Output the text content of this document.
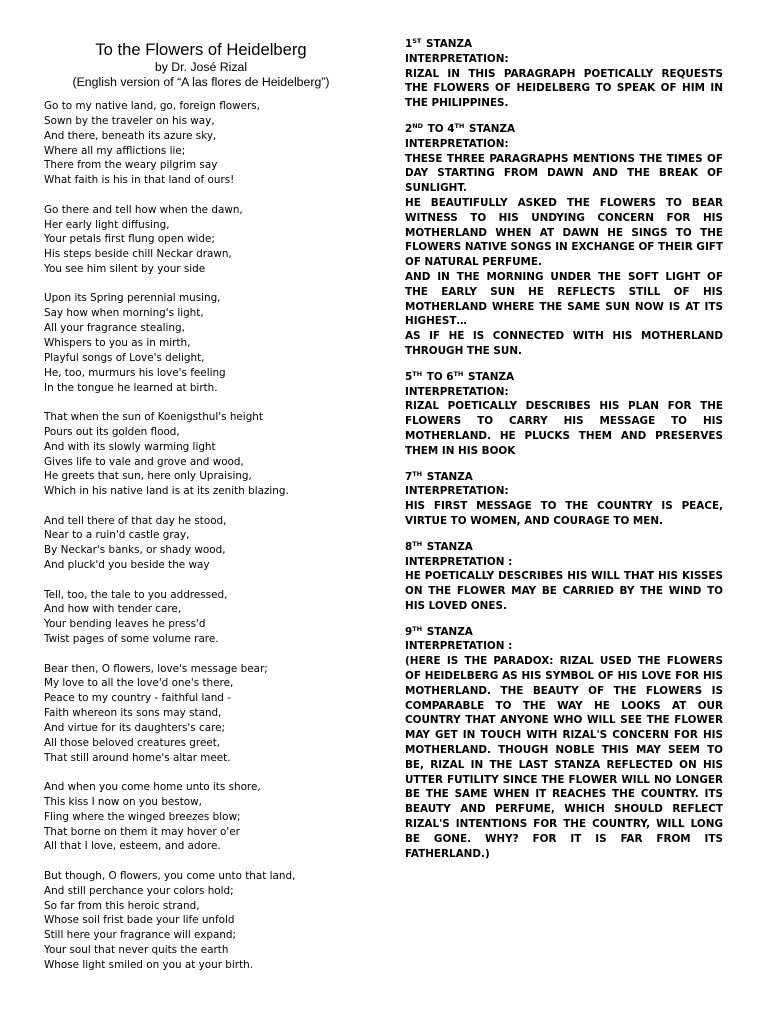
To the Flowers of Heidelberg
by Dr. José Rizal
(English version of “A las flores de Heidelberg”)
Go to my native land, go, foreign flowers,
Sown by the traveler on his way,
And there, beneath its azure sky,
Where all my afflictions lie;
There from the weary pilgrim say
What faith is his in that land of ours!
Go there and tell how when the dawn,
Her early light diffusing,
Your petals first flung open wide;
His steps beside chill Neckar drawn,
You see him silent by your side
Upon its Spring perennial musing,
Say how when morning's light,
All your fragrance stealing,
Whispers to you as in mirth,
Playful songs of Love's delight,
He, too, murmurs his love's feeling
In the tongue he learned at birth.
That when the sun of Koenigsthul's height
Pours out its golden flood,
And with its slowly warming light
Gives life to vale and grove and wood,
He greets that sun, here only Upraising,
Which in his native land is at its zenith blazing.
And tell there of that day he stood,
Near to a ruin'd castle gray,
By Neckar's banks, or shady wood,
And pluck'd you beside the way
Tell, too, the tale to you addressed,
And how with tender care,
Your bending leaves he press'd
Twist pages of some volume rare.
Bear then, O flowers, love's message bear;
My love to all the love'd one's there,
Peace to my country - faithful land -
Faith whereon its sons may stand,
And virtue for its daughters's care;
All those beloved creatures greet,
That still around home's altar meet.
And when you come home unto its shore,
This kiss I now on you bestow,
Fling where the winged breezes blow;
That borne on them it may hover o'er
All that I love, esteem, and adore.
But though, O flowers, you come unto that land,
And still perchance your colors hold;
So far from this heroic strand,
Whose soil frist bade your life unfold
Still here your fragrance will expand;
Your soul that never quits the earth
Whose light smiled on you at your birth.
1ST STANZA
INTERPRETATION:

RIZAL IN THIS PARAGRAPH POETICALLY REQUESTS THE FLOWERS OF HEIDELBERG TO SPEAK OF HIM IN THE PHILIPPINES.

2ND TO 4TH STANZA
INTERPRETATION:

THESE THREE PARAGRAPHS MENTIONS THE TIMES OF DAY STARTING FROM DAWN AND THE BREAK OF SUNLIGHT.

HE BEAUTIFULLY ASKED THE FLOWERS TO BEAR WITNESS TO HIS UNDYING CONCERN FOR HIS MOTHERLAND WHEN AT DAWN HE SINGS TO THE FLOWERS NATIVE SONGS IN EXCHANGE OF THEIR GIFT OF NATURAL PERFUME.

AND IN THE MORNING UNDER THE SOFT LIGHT OF THE EARLY SUN HE REFLECTS STILL OF HIS MOTHERLAND WHERE THE SAME SUN NOW IS AT ITS HIGHEST…

AS IF HE IS CONNECTED WITH HIS MOTHERLAND THROUGH THE SUN.

5TH TO 6TH STANZA
INTERPRETATION:

RIZAL POETICALLY DESCRIBES HIS PLAN FOR THE FLOWERS TO CARRY HIS MESSAGE TO HIS MOTHERLAND. HE PLUCKS THEM AND PRESERVES THEM IN HIS BOOK

7TH STANZA
INTERPRETATION:

HIS FIRST MESSAGE TO THE COUNTRY IS PEACE, VIRTUE TO WOMEN, AND COURAGE TO MEN.

8TH STANZA
INTERPRETATION :

HE POETICALLY DESCRIBES HIS WILL THAT HIS KISSES ON THE FLOWER MAY BE CARRIED BY THE WIND TO HIS LOVED ONES.

9TH STANZA
INTERPRETATION :

(HERE IS THE PARADOX: RIZAL USED THE FLOWERS OF HEIDELBERG AS HIS SYMBOL OF HIS LOVE FOR HIS MOTHERLAND. THE BEAUTY OF THE FLOWERS IS COMPARABLE TO THE WAY HE LOOKS AT OUR COUNTRY THAT ANYONE WHO WILL SEE THE FLOWER MAY GET IN TOUCH WITH RIZAL'S CONCERN FOR HIS MOTHERLAND. THOUGH NOBLE THIS MAY SEEM TO BE, RIZAL IN THE LAST STANZA REFLECTED ON HIS UTTER FUTILITY SINCE THE FLOWER WILL NO LONGER BE THE SAME WHEN IT REACHES THE COUNTRY. ITS BEAUTY AND PERFUME, WHICH SHOULD REFLECT RIZAL'S INTENTIONS FOR THE COUNTRY, WILL LONG BE GONE. WHY? FOR IT IS FAR FROM ITS FATHERLAND.)
